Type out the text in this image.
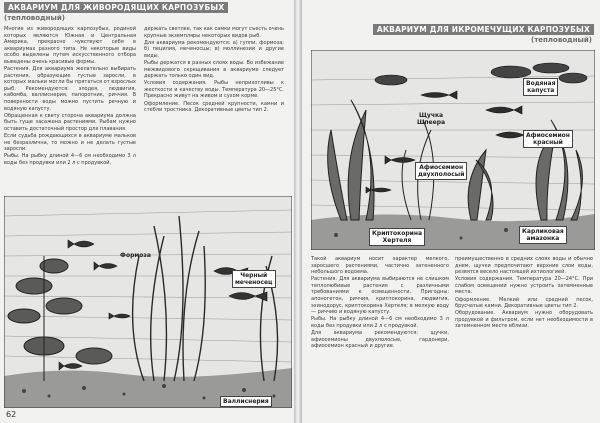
АКВАРИУМ ДЛЯ ЖИВОРОДЯЩИХ КАРПОЗУБЫХ
(тепловодный)

Многие из живородящих карпозубых, родиной которых являются Южная и Центральная Америка, прекрасно чувствуют себя в аквариумах разного типа. Не некоторые виды особо выделены путем искусственного отбора выведены очень красивые формы.

Растения. Для аквариума желательно выбирать растения, образующие густые заросли, в которых мальки могли бы прятаться от взрослых рыб. Рекомендуются: элодея, людвигия, кабомба, валлиснерия, папоротник, риччия. В поверхности воды можно пустить речную и водяную капусту.

Обращенная к свету сторона аквариума должна быть гуще засажена растениями. Рыбам нужно оставить достаточный простор для плавания.

Если судьба рождающихся в аквариуме мальков не безразлична, то можно и не делать густые заросли.

Рыбы. На рыбку длиной 4—6 см необходимо 3 л воды без продувки или 2 л с продувкой.

держать светлее, так как самки могут съесть очень крупные экземпляры некоторых видов рыб.

Для аквариума рекомендуются: а) гуппи, формоза; б) пецилия, меченосцы; в) моллинезии и другие виды.

Рыбы держатся в разных слоях воды. Во избежание межвидового скрещивания в аквариуме следует держать только один вид.

Условия содержания. Рыбы неприхотливы к жесткости и качеству воды. Температура 20—25°С. Прекрасно живут на живом и сухом корме.

Оформление. Песок средней крупности, камни и стебли тростника. Декоративные цветы тип 2.

Формоза
Черный
меченосец
Валлиснерия
62
АКВАРИУМ ДЛЯ ИКРОМЕЧУЩИХ КАРПОЗУБЫХ
(тепловодный)
Водяная
капуста
Щучка
Шпеера
Афиосемион
красный
Афиосемион
двухполосый
Криптокорина
Хертеля
Карликовая
амазонка

Такой аквариум носит характер мелкого, заросшего растениями, частично затененного небольшого водоема.

Растения. Для аквариума выбираются не слишком теплолюбивые растения с различными требованиями к освещенности. Пригодны: апоногетон, риччия, криптокорина, людвигия, эхинодорус, криптокорина Хертеля; в мелкую воду — риччию и водяную капусту.

Рыбы. На рыбку длиной 4—6 см необходимо 3 л воды без продувки или 2 л с продувкой.

Для аквариума рекомендуются: щучки, афиосемионы двухполосые, гардонери, афиосемион красный и другие.

преимущественно в средних слоях воды и обычно днем, щучки предпочитают верхние слои воды, резвятся весело настоящей ихтиологией.

Условия содержания. Температура 20—24°С. При слабом освещении нужно устроить затемненные места.

Оформление. Мелкий или средний песок, брусчатые камни. Декоративные цветы тип 2.

Оборудование. Аквариум нужно оборудовать продувкой и фильтром, если нет необходимости в затемненном месте вблизи.
